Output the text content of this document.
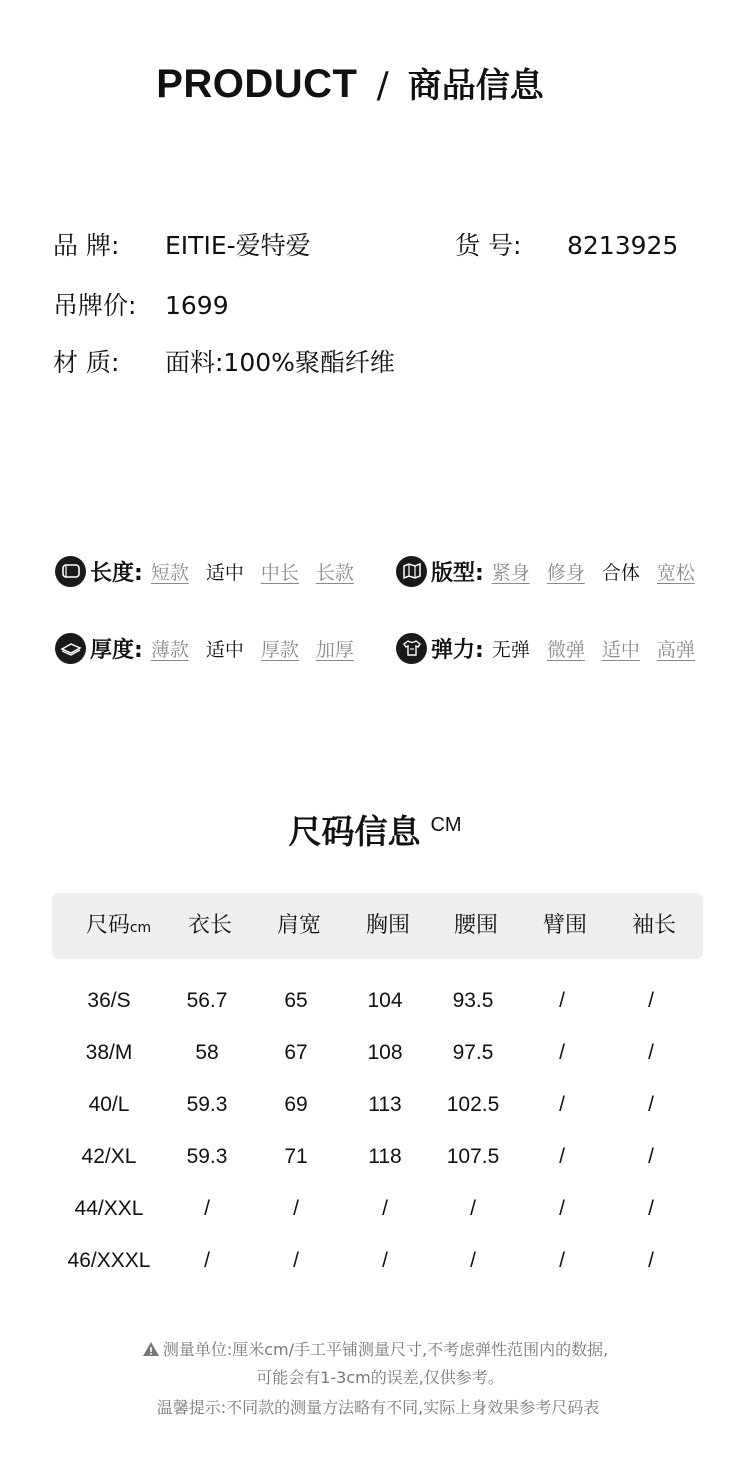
PRODUCT / 商品信息
品 牌: EITIE-爱特爱	货 号: 8213925
吊牌价: 1699
材 质: 面料:100%聚酯纤维
长度: 短款 适中 中长 长款	版型: 紧身 修身 合体 宽松
厚度: 薄款 适中 厚款 加厚	弹力: 无弹 微弹 适中 高弹
尺码信息 CM
尺码cm	衣长	肩宽	胸围	腰围	臂围	袖长
36/S	56.7	65	104	93.5	/	/
38/M	58	67	108	97.5	/	/
40/L	59.3	69	113	102.5	/	/
42/XL	59.3	71	118	107.5	/	/
44/XXL	/	/	/	/	/	/
46/XXXL	/	/	/	/	/	/
测量单位:厘米cm/手工平铺测量尺寸,不考虑弹性范围内的数据,
可能会有1-3cm的误差,仅供参考。
温馨提示:不同款的测量方法略有不同,实际上身效果参考尺码表
